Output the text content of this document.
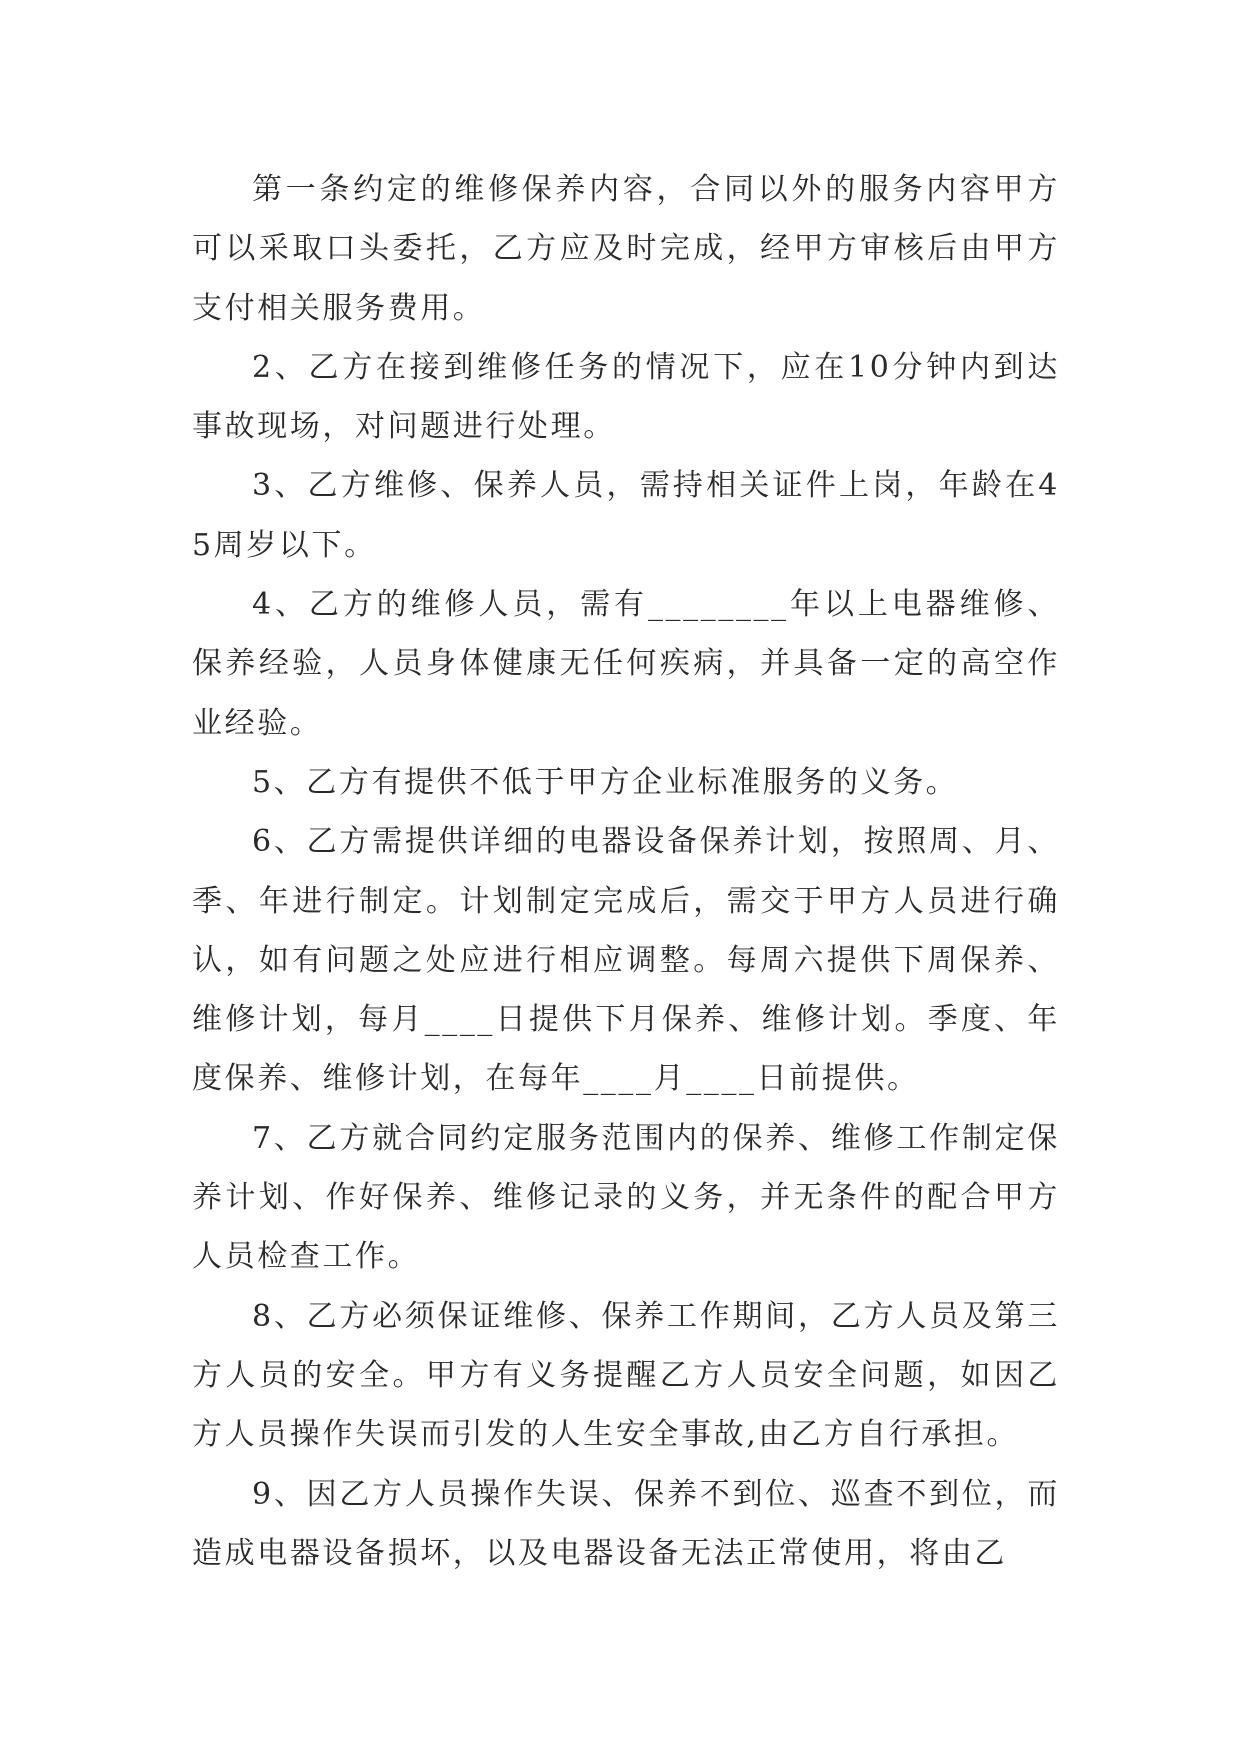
第一条约定的维修保养内容，合同以外的服务内容甲方可以采取口头委托，乙方应及时完成，经甲方审核后由甲方支付相关服务费用。

2、乙方在接到维修任务的情况下，应在10分钟内到达事故现场，对问题进行处理。

3、乙方维修、保养人员，需持相关证件上岗，年龄在45周岁以下。

4、乙方的维修人员，需有________年以上电器维修、保养经验，人员身体健康无任何疾病，并具备一定的高空作业经验。

5、乙方有提供不低于甲方企业标准服务的义务。

6、乙方需提供详细的电器设备保养计划，按照周、月、季、年进行制定。计划制定完成后，需交于甲方人员进行确认，如有问题之处应进行相应调整。每周六提供下周保养、维修计划，每月____日提供下月保养、维修计划。季度、年度保养、维修计划，在每年____月____日前提供。

7、乙方就合同约定服务范围内的保养、维修工作制定保养计划、作好保养、维修记录的义务，并无条件的配合甲方人员检查工作。

8、乙方必须保证维修、保养工作期间，乙方人员及第三方人员的安全。甲方有义务提醒乙方人员安全问题，如因乙方人员操作失误而引发的人生安全事故,由乙方自行承担。

9、因乙方人员操作失误、保养不到位、巡查不到位，而造成电器设备损坏，以及电器设备无法正常使用，将由乙
